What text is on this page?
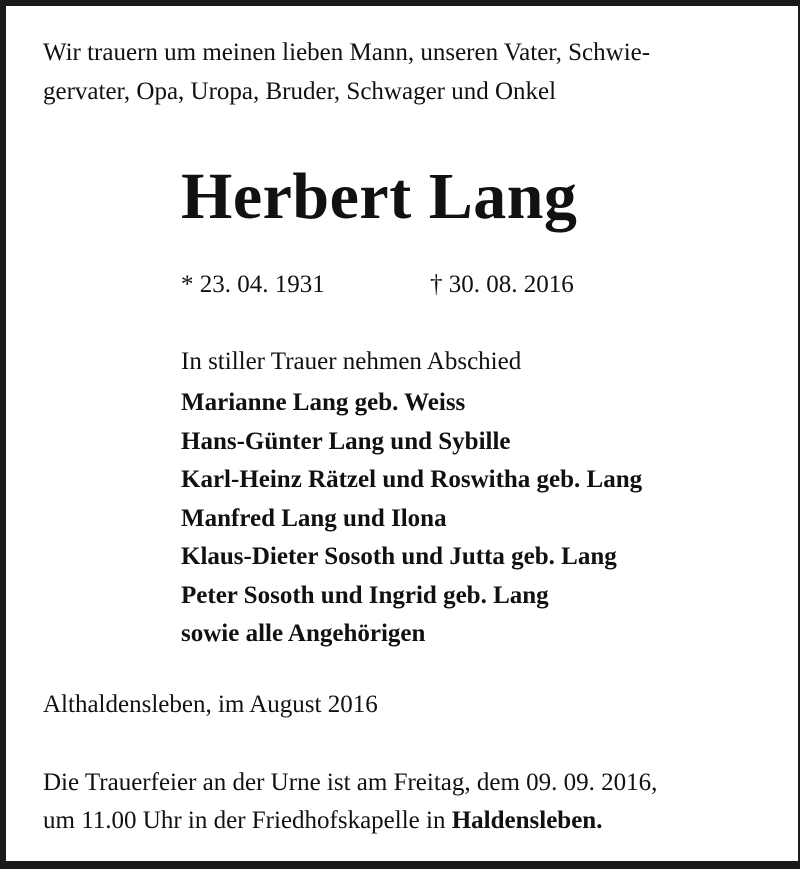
Wir trauern um meinen lieben Mann, unseren Vater, Schwie-

gervater, Opa, Uropa, Bruder, Schwager und Onkel

Herbert Lang

* 23. 04. 1931	† 30. 08. 2016

In stiller Trauer nehmen Abschied

Marianne Lang geb. Weiss
Hans-Günter Lang und Sybille
Karl-Heinz Rätzel und Roswitha geb. Lang
Manfred Lang und Ilona
Klaus-Dieter Sosoth und Jutta geb. Lang
Peter Sosoth und Ingrid geb. Lang
sowie alle Angehörigen

Althaldensleben, im August 2016

Die Trauerfeier an der Urne ist am Freitag, dem 09. 09. 2016,

um 11.00 Uhr in der Friedhofskapelle in Haldensleben.
